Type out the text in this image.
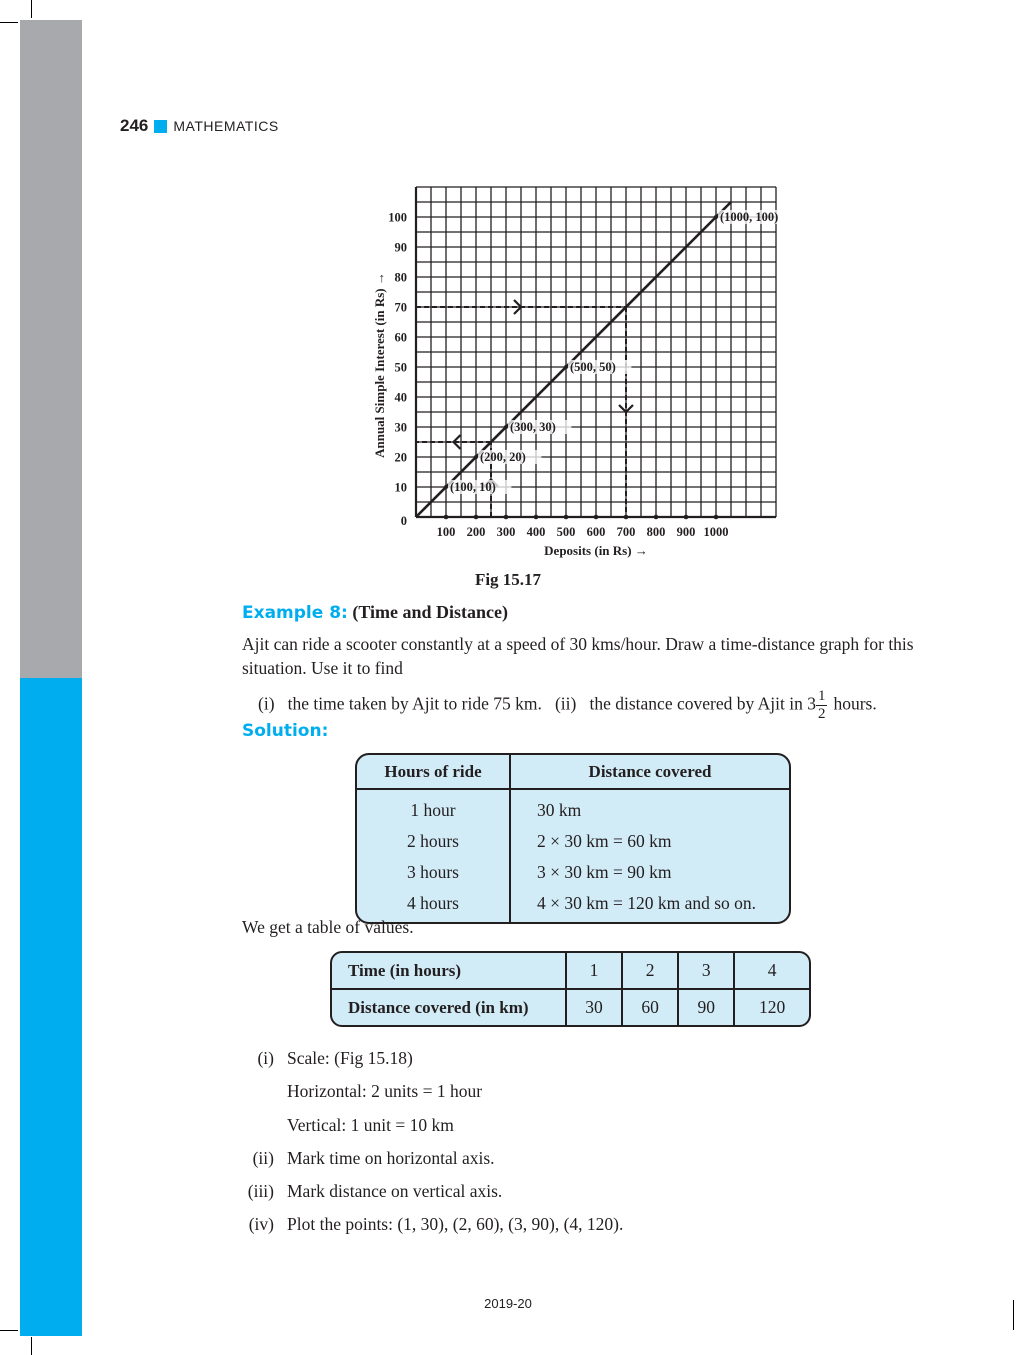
246 MATHEMATICS
100 200 300 400 500 600 700 800 900 1000
0
10
20
30
40
50
60
70
80
90
100
(100, 10)
(200, 20)
(300, 30)
(500, 50)
(1000, 100)
Deposits (in Rs) →
Annual Simple Interest (in Rs) →
Fig 15.17
Example 8: (Time and Distance)
Ajit can ride a scooter constantly at a speed of 30 kms/hour. Draw a time-distance graph for this situation. Use it to find
(i) the time taken by Ajit to ride 75 km. (ii) the distance covered by Ajit in $3 \frac{1}{2}$ hours.
Solution:
Hours of ride	Distance covered
1 hour	30 km
2 hours	2 × 30 km = 60 km
3 hours	3 × 30 km = 90 km
4 hours	4 × 30 km = 120 km and so on.
We get a table of values.
Time (in hours)	1	2	3	4
Distance covered (in km)	30	60	90	120
(i) Scale: (Fig 15.18)
Horizontal: 2 units = 1 hour
Vertical: 1 unit = 10 km
(ii) Mark time on horizontal axis.
(iii) Mark distance on vertical axis.
(iv) Plot the points: (1, 30), (2, 60), (3, 90), (4, 120).
2019-20
